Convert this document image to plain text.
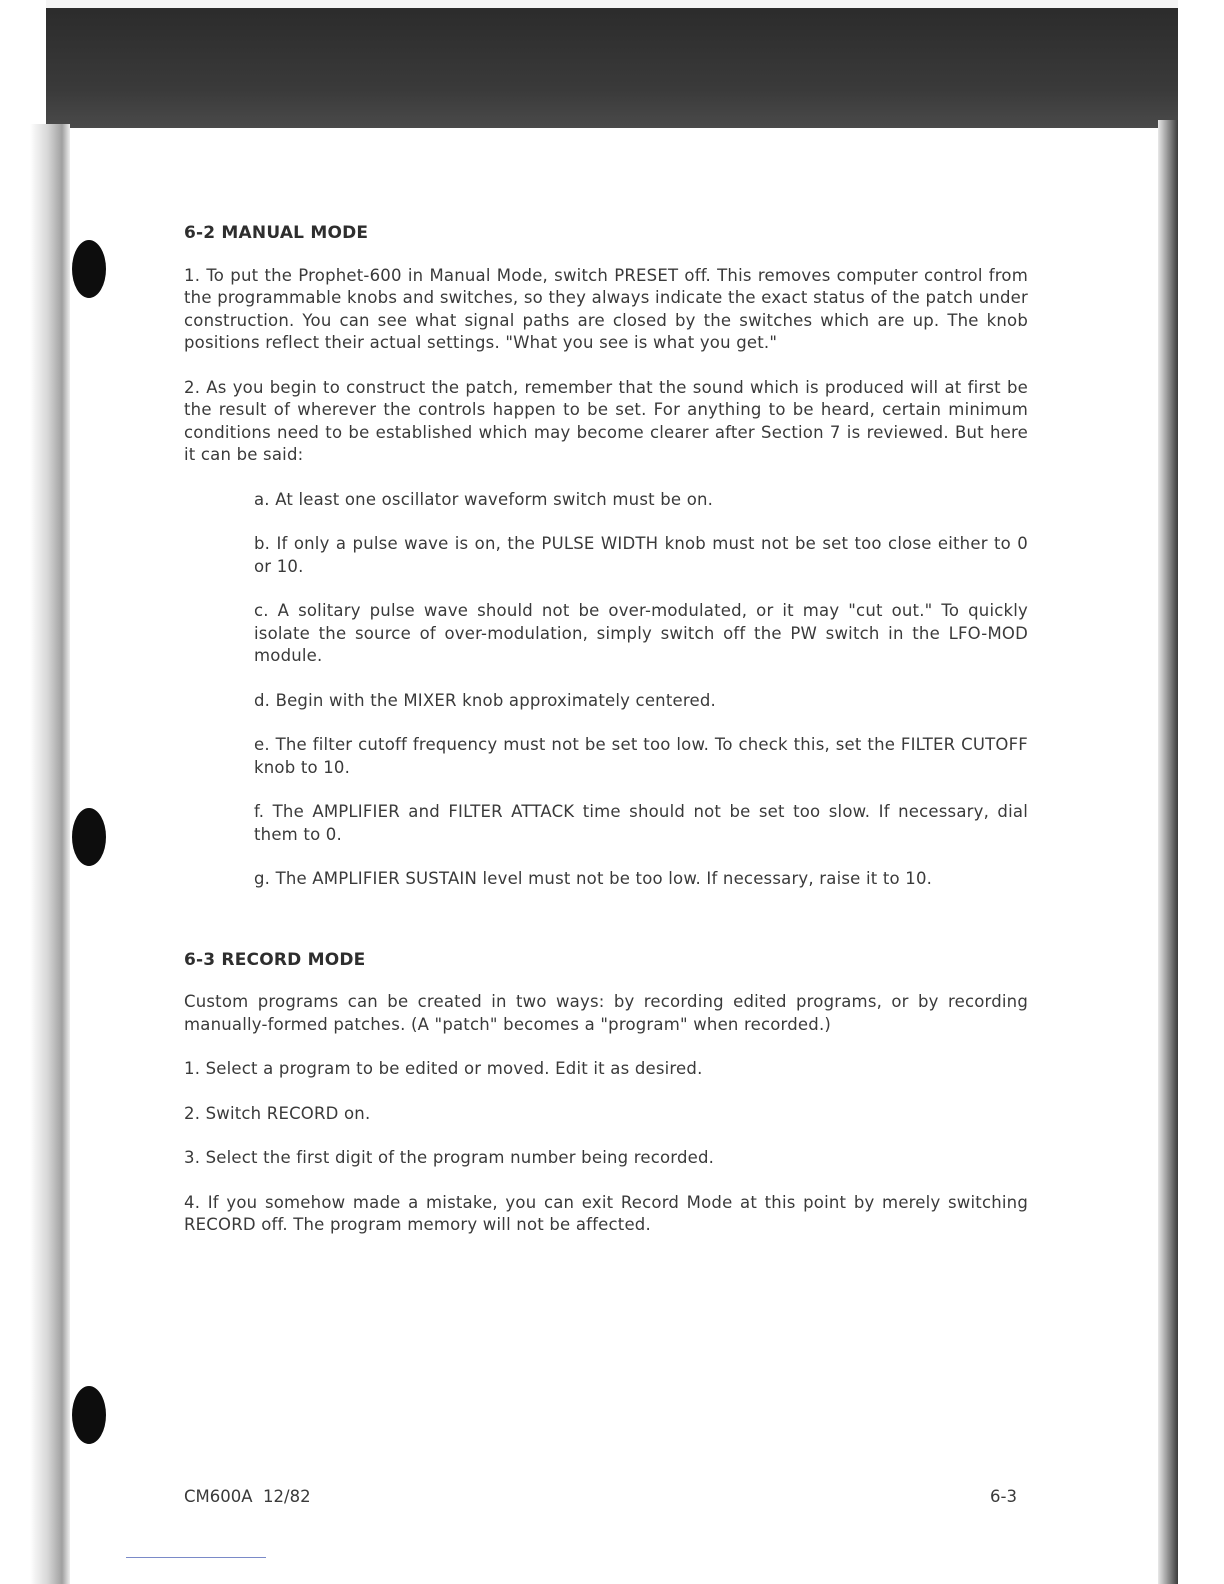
6-2 MANUAL MODE

1. To put the Prophet-600 in Manual Mode, switch PRESET off. This removes computer control from the programmable knobs and switches, so they always indicate the exact status of the patch under construction. You can see what signal paths are closed by the switches which are up. The knob positions reflect their actual settings. "What you see is what you get."

2. As you begin to construct the patch, remember that the sound which is produced will at first be the result of wherever the controls happen to be set. For anything to be heard, certain minimum conditions need to be established which may become clearer after Section 7 is reviewed. But here it can be said:

a. At least one oscillator waveform switch must be on.

b. If only a pulse wave is on, the PULSE WIDTH knob must not be set too close either to 0 or 10.

c. A solitary pulse wave should not be over-modulated, or it may "cut out." To quickly isolate the source of over-modulation, simply switch off the PW switch in the LFO-MOD module.

d. Begin with the MIXER knob approximately centered.

e. The filter cutoff frequency must not be set too low. To check this, set the FILTER CUTOFF knob to 10.

f. The AMPLIFIER and FILTER ATTACK time should not be set too slow. If necessary, dial them to 0.

g. The AMPLIFIER SUSTAIN level must not be too low. If necessary, raise it to 10.

6-3 RECORD MODE

Custom programs can be created in two ways: by recording edited programs, or by recording manually-formed patches. (A "patch" becomes a "program" when recorded.)

1. Select a program to be edited or moved. Edit it as desired.

2. Switch RECORD on.

3. Select the first digit of the program number being recorded.

4. If you somehow made a mistake, you can exit Record Mode at this point by merely switching RECORD off. The program memory will not be affected.

CM600A  12/82	6-3
